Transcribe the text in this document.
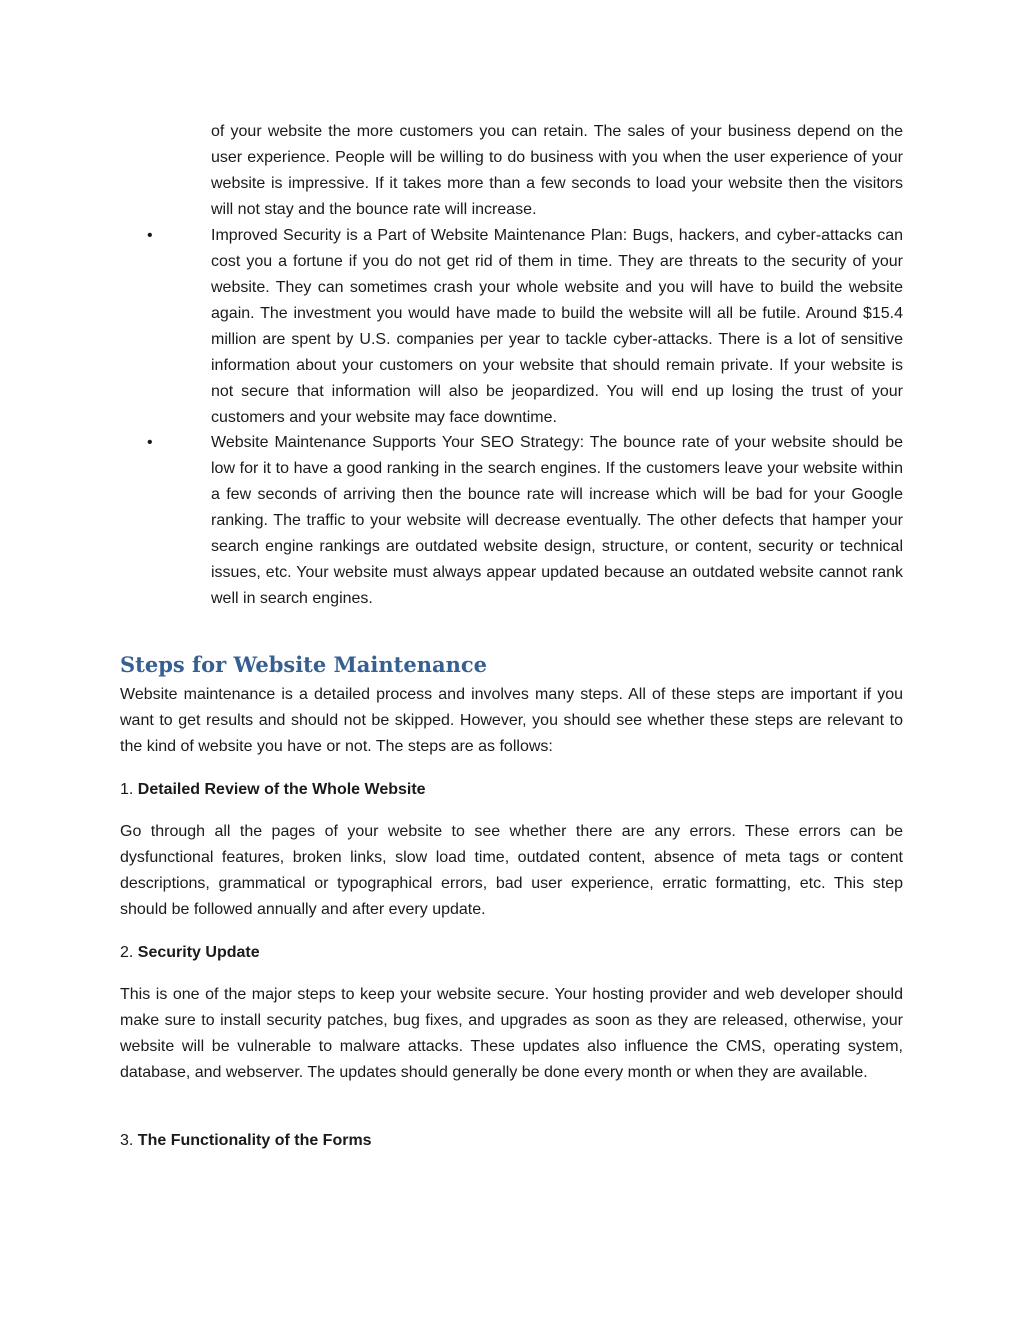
of your website the more customers you can retain. The sales of your business depend on the user experience. People will be willing to do business with you when the user experience of your website is impressive. If it takes more than a few seconds to load your website then the visitors will not stay and the bounce rate will increase.

•	Improved Security is a Part of Website Maintenance Plan: Bugs, hackers, and cyber-attacks can cost you a fortune if you do not get rid of them in time. They are threats to the security of your website. They can sometimes crash your whole website and you will have to build the website again. The investment you would have made to build the website will all be futile. Around $15.4 million are spent by U.S. companies per year to tackle cyber-attacks. There is a lot of sensitive information about your customers on your website that should remain private. If your website is not secure that information will also be jeopardized. You will end up losing the trust of your customers and your website may face downtime.

•	Website Maintenance Supports Your SEO Strategy: The bounce rate of your website should be low for it to have a good ranking in the search engines. If the customers leave your website within a few seconds of arriving then the bounce rate will increase which will be bad for your Google ranking. The traffic to your website will decrease eventually. The other defects that hamper your search engine rankings are outdated website design, structure, or content, security or technical issues, etc. Your website must always appear updated because an outdated website cannot rank well in search engines.

Steps for Website Maintenance

Website maintenance is a detailed process and involves many steps. All of these steps are important if you want to get results and should not be skipped. However, you should see whether these steps are relevant to the kind of website you have or not. The steps are as follows:

1. Detailed Review of the Whole Website

Go through all the pages of your website to see whether there are any errors. These errors can be dysfunctional features, broken links, slow load time, outdated content, absence of meta tags or content descriptions, grammatical or typographical errors, bad user experience, erratic formatting, etc. This step should be followed annually and after every update.

2. Security Update

This is one of the major steps to keep your website secure. Your hosting provider and web developer should make sure to install security patches, bug fixes, and upgrades as soon as they are released, otherwise, your website will be vulnerable to malware attacks. These updates also influence the CMS, operating system, database, and webserver. The updates should generally be done every month or when they are available.

3. The Functionality of the Forms
